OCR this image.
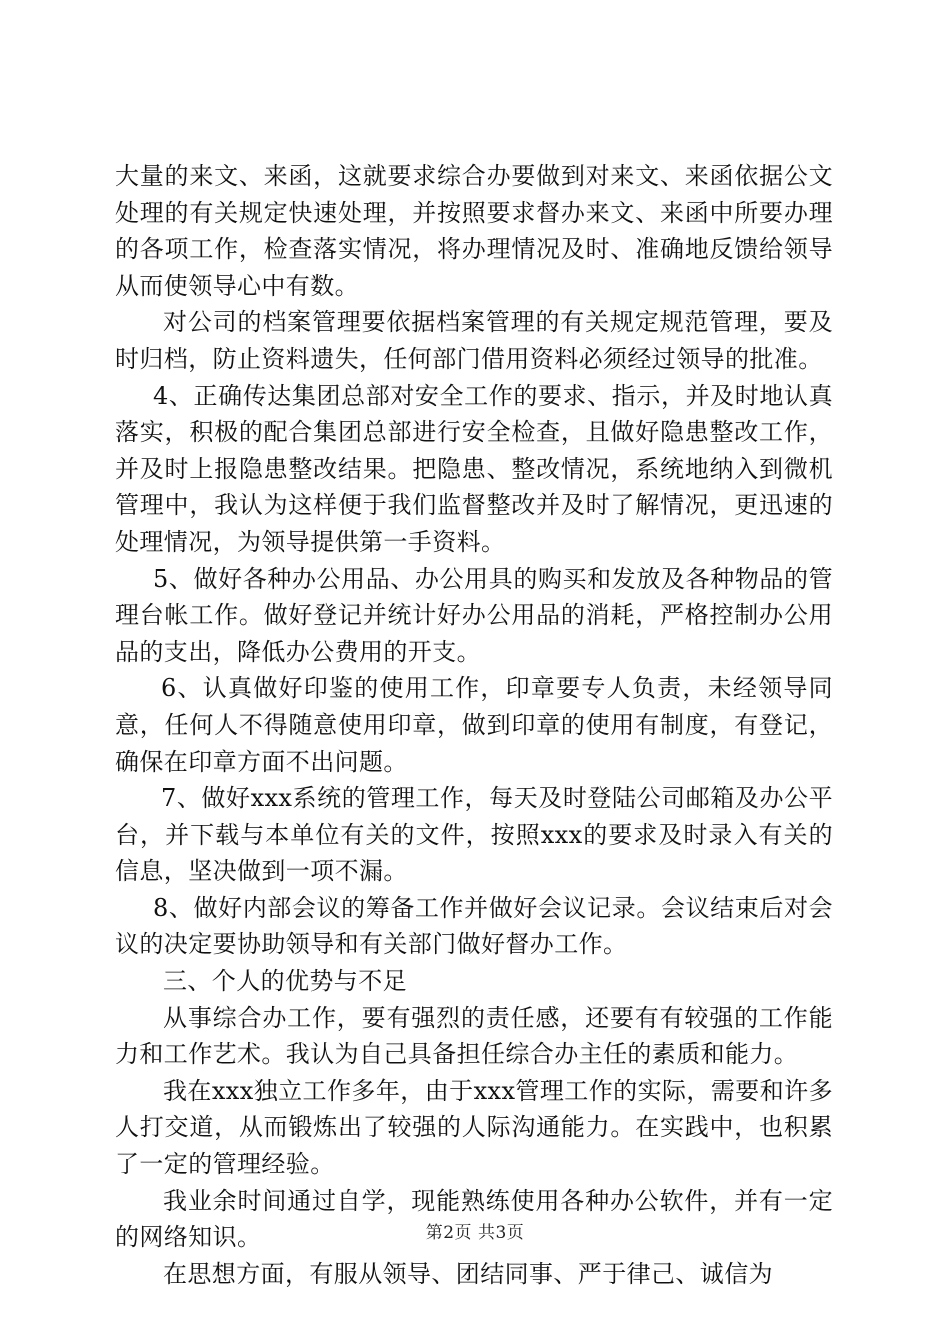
大量的来文、来函，这就要求综合办要做到对来文、来函依据公文处理的有关规定快速处理，并按照要求督办来文、来函中所要办理的各项工作，检查落实情况，将办理情况及时、准确地反馈给领导从而使领导心中有数。

对公司的档案管理要依据档案管理的有关规定规范管理，要及时归档，防止资料遗失，任何部门借用资料必须经过领导的批准。

4、正确传达集团总部对安全工作的要求、指示，并及时地认真落实，积极的配合集团总部进行安全检查，且做好隐患整改工作，并及时上报隐患整改结果。把隐患、整改情况，系统地纳入到微机管理中，我认为这样便于我们监督整改并及时了解情况，更迅速的处理情况，为领导提供第一手资料。

5、做好各种办公用品、办公用具的购买和发放及各种物品的管理台帐工作。做好登记并统计好办公用品的消耗，严格控制办公用品的支出，降低办公费用的开支。

6、认真做好印鉴的使用工作，印章要专人负责，未经领导同意，任何人不得随意使用印章，做到印章的使用有制度，有登记，确保在印章方面不出问题。

7、做好xxx系统的管理工作，每天及时登陆公司邮箱及办公平台，并下载与本单位有关的文件，按照xxx的要求及时录入有关的信息，坚决做到一项不漏。

8、做好内部会议的筹备工作并做好会议记录。会议结束后对会议的决定要协助领导和有关部门做好督办工作。

三、个人的优势与不足

从事综合办工作，要有强烈的责任感，还要有有较强的工作能力和工作艺术。我认为自己具备担任综合办主任的素质和能力。

我在xxx独立工作多年，由于xxx管理工作的实际，需要和许多人打交道，从而锻炼出了较强的人际沟通能力。在实践中，也积累了一定的管理经验。

我业余时间通过自学，现能熟练使用各种办公软件，并有一定的网络知识。

在思想方面，有服从领导、团结同事、严于律己、诚信为

第2页 共3页
